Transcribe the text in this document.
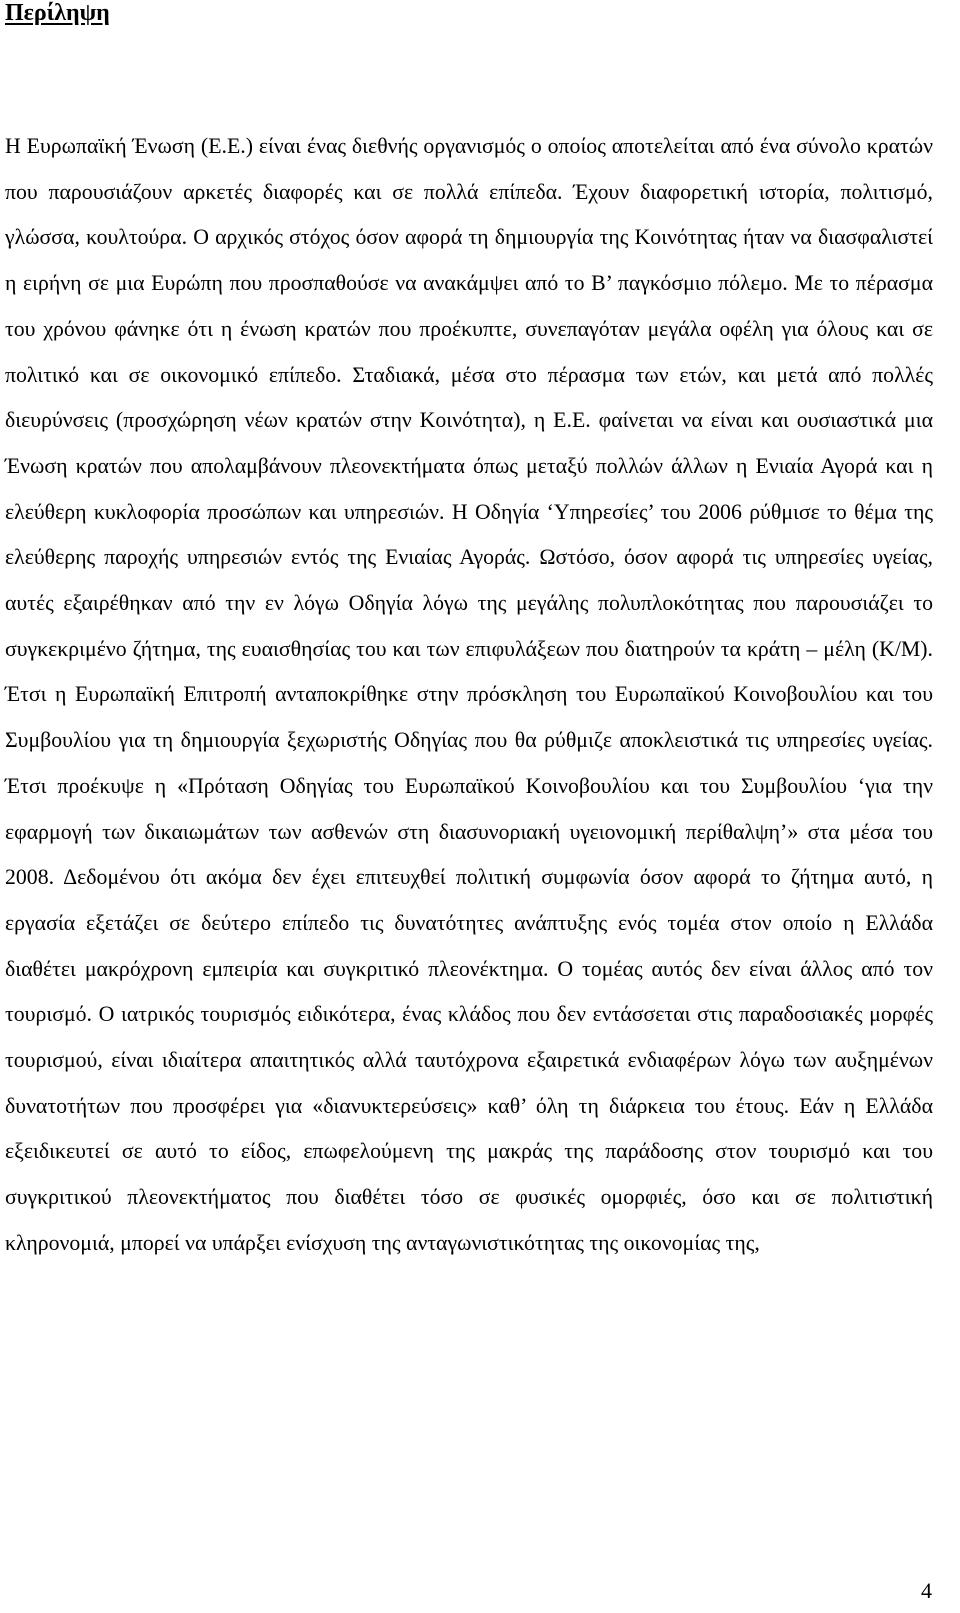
Περίληψη

Η Ευρωπαϊκή Ένωση (Ε.Ε.) είναι ένας διεθνής οργανισμός ο οποίος αποτελείται από ένα σύνολο κρατών που παρουσιάζουν αρκετές διαφορές και σε πολλά επίπεδα. Έχουν διαφορετική ιστορία, πολιτισμό, γλώσσα, κουλτούρα. Ο αρχικός στόχος όσον αφορά τη δημιουργία της Κοινότητας ήταν να διασφαλιστεί η ειρήνη σε μια Ευρώπη που προσπαθούσε να ανακάμψει από το Β’ παγκόσμιο πόλεμο. Με το πέρασμα του χρόνου φάνηκε ότι η ένωση κρατών που προέκυπτε, συνεπαγόταν μεγάλα οφέλη για όλους και σε πολιτικό και σε οικονομικό επίπεδο. Σταδιακά, μέσα στο πέρασμα των ετών, και μετά από πολλές διευρύνσεις (προσχώρηση νέων κρατών στην Κοινότητα), η Ε.Ε. φαίνεται να είναι και ουσιαστικά μια Ένωση κρατών που απολαμβάνουν πλεονεκτήματα όπως μεταξύ πολλών άλλων η Ενιαία Αγορά και η ελεύθερη κυκλοφορία προσώπων και υπηρεσιών. Η Οδηγία ‘Υπηρεσίες’ του 2006 ρύθμισε το θέμα της ελεύθερης παροχής υπηρεσιών εντός της Ενιαίας Αγοράς. Ωστόσο, όσον αφορά τις υπηρεσίες υγείας, αυτές εξαιρέθηκαν από την εν λόγω Οδηγία λόγω της μεγάλης πολυπλοκότητας που παρουσιάζει το συγκεκριμένο ζήτημα, της ευαισθησίας του και των επιφυλάξεων που διατηρούν τα κράτη – μέλη (Κ/Μ). Έτσι η Ευρωπαϊκή Επιτροπή ανταποκρίθηκε στην πρόσκληση του Ευρωπαϊκού Κοινοβουλίου και του Συμβουλίου για τη δημιουργία ξεχωριστής Οδηγίας που θα ρύθμιζε αποκλειστικά τις υπηρεσίες υγείας. Έτσι προέκυψε η «Πρόταση Οδηγίας του Ευρωπαϊκού Κοινοβουλίου και του Συμβουλίου ‘για την εφαρμογή των δικαιωμάτων των ασθενών στη διασυνοριακή υγειονομική περίθαλψη’» στα μέσα του 2008. Δεδομένου ότι ακόμα δεν έχει επιτευχθεί πολιτική συμφωνία όσον αφορά το ζήτημα αυτό, η εργασία εξετάζει σε δεύτερο επίπεδο τις δυνατότητες ανάπτυξης ενός τομέα στον οποίο η Ελλάδα διαθέτει μακρόχρονη εμπειρία και συγκριτικό πλεονέκτημα. Ο τομέας αυτός δεν είναι άλλος από τον τουρισμό. Ο ιατρικός τουρισμός ειδικότερα, ένας κλάδος που δεν εντάσσεται στις παραδοσιακές μορφές τουρισμού, είναι ιδιαίτερα απαιτητικός αλλά ταυτόχρονα εξαιρετικά ενδιαφέρων λόγω των αυξημένων δυνατοτήτων που προσφέρει για «διανυκτερεύσεις» καθ’ όλη τη διάρκεια του έτους. Εάν η Ελλάδα εξειδικευτεί σε αυτό το είδος, επωφελούμενη της μακράς της παράδοσης στον τουρισμό και του συγκριτικού πλεονεκτήματος που διαθέτει τόσο σε φυσικές ομορφιές, όσο και σε πολιτιστική κληρονομιά, μπορεί να υπάρξει ενίσχυση της ανταγωνιστικότητας της οικονομίας της,

4
